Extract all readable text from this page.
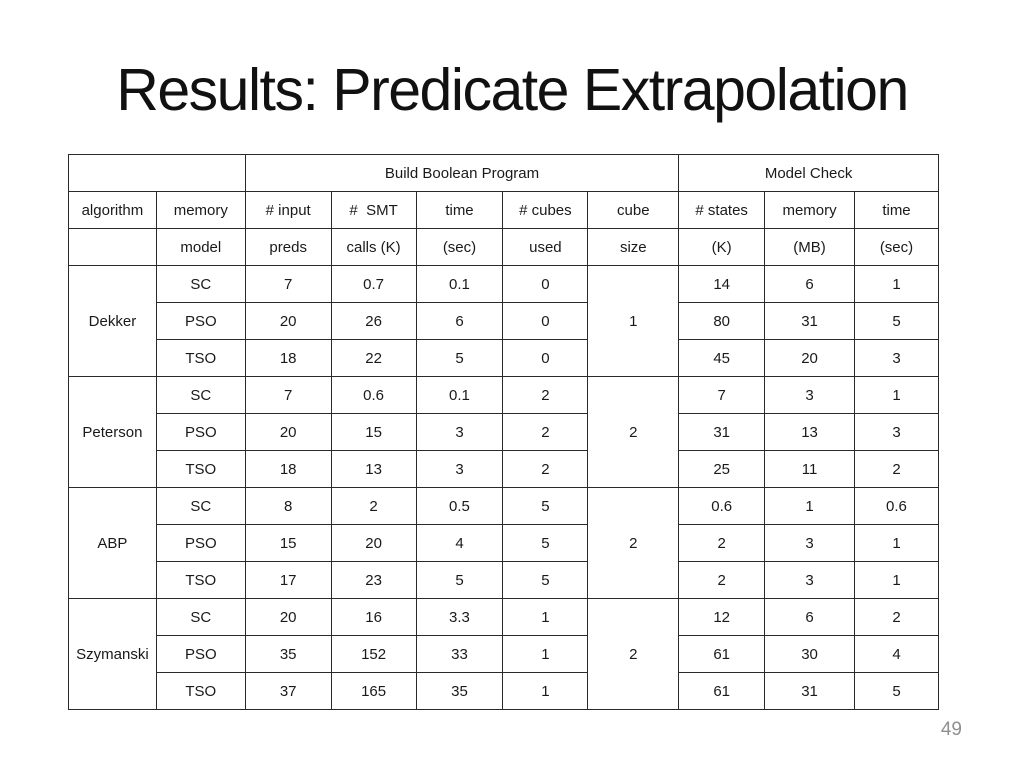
Results: Predicate Extrapolation
		Build Boolean Program					Model Check		
algorithm	memory	# input	#  SMT	time	# cubes	cube	# states	memory	time
	model	preds	calls (K)	(sec)	used	size	(K)	(MB)	(sec)
Dekker	SC	7	0.7	0.1	0	1	14	6	1
	PSO	20	26	6	0		80	31	5
	TSO	18	22	5	0		45	20	3
Peterson	SC	7	0.6	0.1	2	2	7	3	1
	PSO	20	15	3	2		31	13	3
	TSO	18	13	3	2		25	11	2
ABP	SC	8	2	0.5	5	2	0.6	1	0.6
	PSO	15	20	4	5		2	3	1
	TSO	17	23	5	5		2	3	1
Szymanski	SC	20	16	3.3	1	2	12	6	2
	PSO	35	152	33	1		61	30	4
	TSO	37	165	35	1		61	31	5
49
